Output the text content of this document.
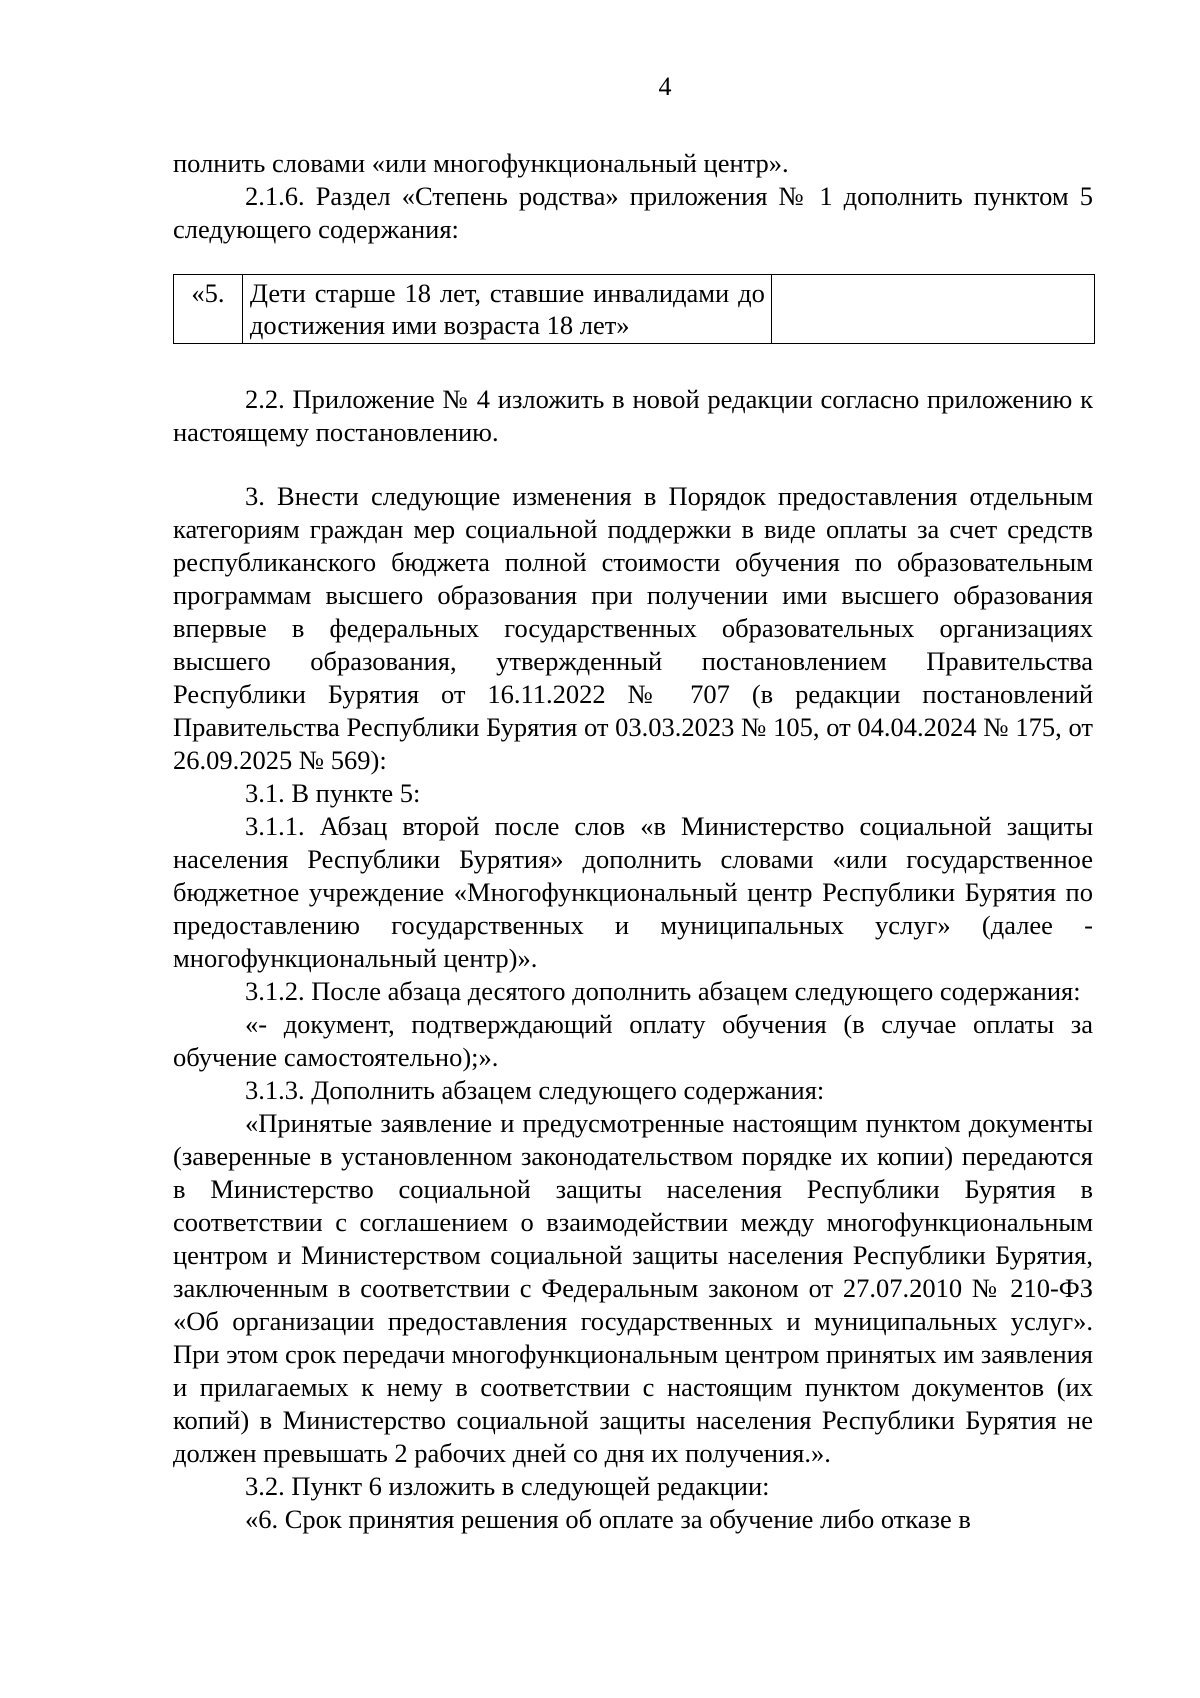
4

полнить словами «или многофункциональный центр».

2.1.6. Раздел «Степень родства» приложения № 1 дополнить пунктом 5 следующего содержания:

«5.	Дети старше 18 лет, ставшие инвалидами до достижения ими возраста 18 лет»	

2.2. Приложение № 4 изложить в новой редакции согласно приложению к настоящему постановлению.

3. Внести следующие изменения в Порядок предоставления отдельным категориям граждан мер социальной поддержки в виде оплаты за счет средств республиканского бюджета полной стоимости обучения по образовательным программам высшего образования при получении ими высшего образования впервые в федеральных государственных образовательных организациях высшего образования, утвержденный постановлением Правительства Республики Бурятия от 16.11.2022 № 707 (в редакции постановлений Правительства Республики Бурятия от 03.03.2023 № 105, от 04.04.2024 № 175, от 26.09.2025 № 569):

3.1. В пункте 5:

3.1.1. Абзац второй после слов «в Министерство социальной защиты населения Республики Бурятия» дополнить словами «или государственное бюджетное учреждение «Многофункциональный центр Республики Бурятия по предоставлению государственных и муниципальных услуг» (далее - многофункциональный центр)».

3.1.2. После абзаца десятого дополнить абзацем следующего содержания:

«- документ, подтверждающий оплату обучения (в случае оплаты за обучение самостоятельно);».

3.1.3. Дополнить абзацем следующего содержания:

«Принятые заявление и предусмотренные настоящим пунктом документы (заверенные в установленном законодательством порядке их копии) передаются в Министерство социальной защиты населения Республики Бурятия в соответствии с соглашением о взаимодействии между многофункциональным центром и Министерством социальной защиты населения Республики Бурятия, заключенным в соответствии с Федеральным законом от 27.07.2010 № 210-ФЗ «Об организации предоставления государственных и муниципальных услуг». При этом срок передачи многофункциональным центром принятых им заявления и прилагаемых к нему в соответствии с настоящим пунктом документов (их копий) в Министерство социальной защиты населения Республики Бурятия не должен превышать 2 рабочих дней со дня их получения.».

3.2. Пункт 6 изложить в следующей редакции:

«6. Срок принятия решения об оплате за обучение либо отказе в
